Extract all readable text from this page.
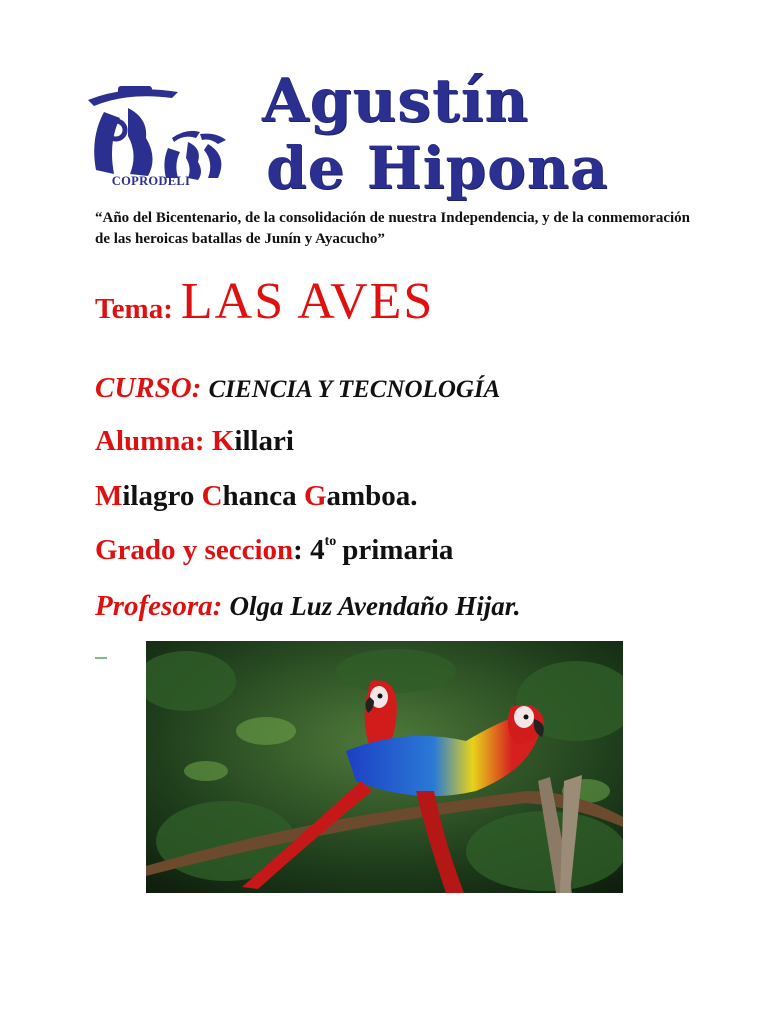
COPRODELI
Agustín
de Hipona
“Año del Bicentenario, de la consolidación de nuestra Independencia, y de la conmemoración de las heroicas batallas de Junín y Ayacucho”
Tema: LAS AVES
CURSO: CIENCIA Y TECNOLOGÍA
Alumna: Killari
Milagro Chanca Gamboa.
Grado y seccion: $4^{to}$ primaria
Profesora: Olga Luz Avendaño Hijar.
